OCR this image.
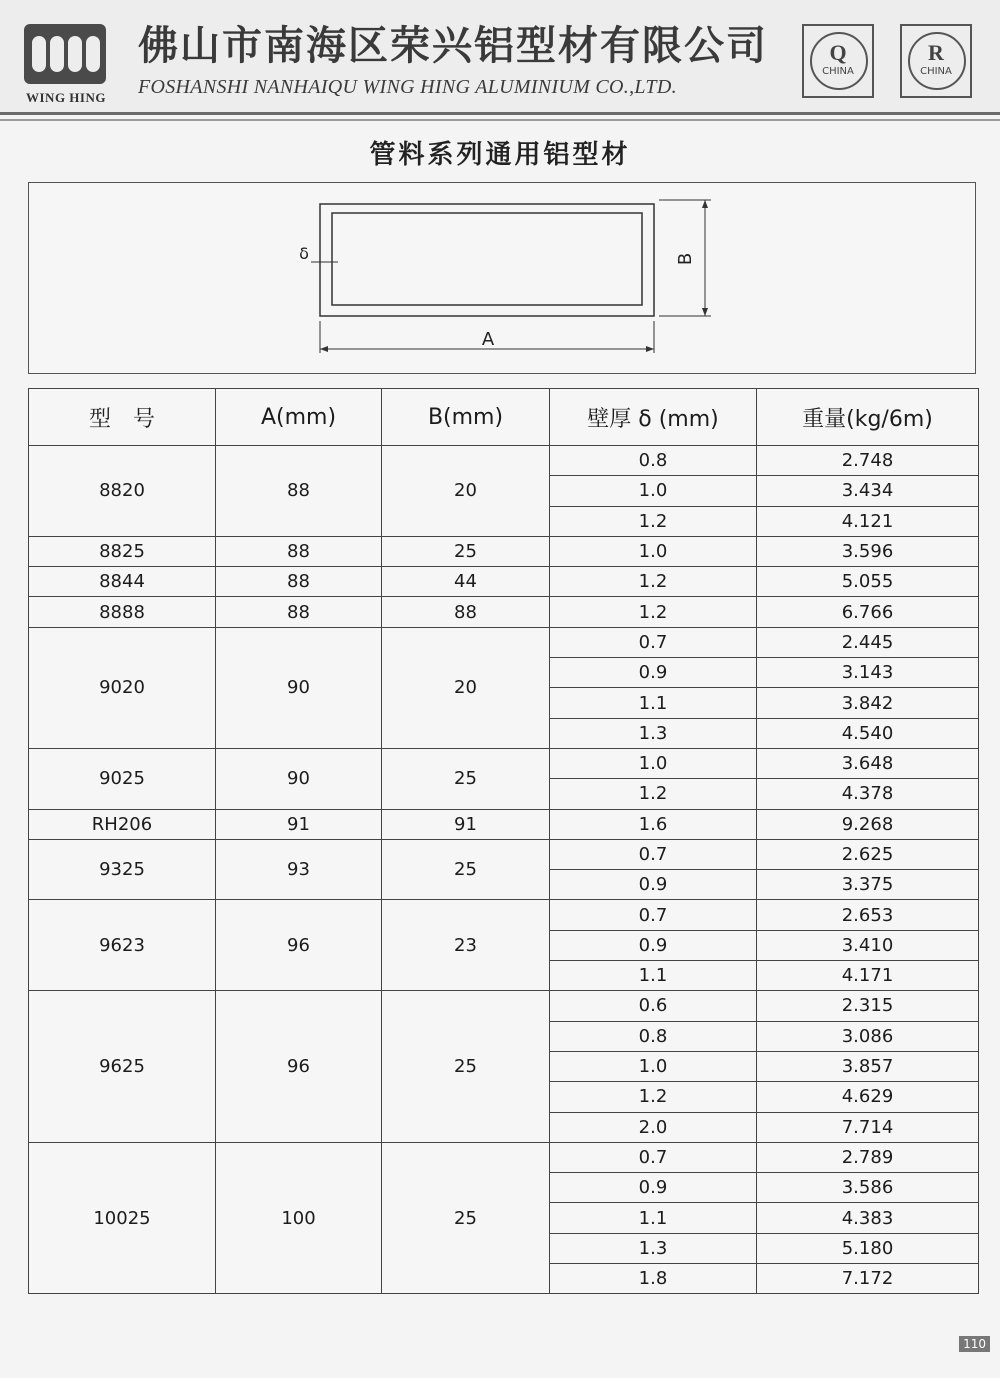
WING HING
佛山市南海区荣兴铝型材有限公司
FOSHANSHI NANHAIQU WING HING ALUMINIUM CO.,LTD.
Q
CHINA
R
CHINA
管料系列通用铝型材
A
B
δ
型　号	A(mm)	B(mm)	壁厚 δ (mm)	重量(kg/6m)
8820	88	20	0.8	2.748
			1.0	3.434
			1.2	4.121
8825	88	25	1.0	3.596
8844	88	44	1.2	5.055
8888	88	88	1.2	6.766
9020	90	20	0.7	2.445
			0.9	3.143
			1.1	3.842
			1.3	4.540
9025	90	25	1.0	3.648
			1.2	4.378
RH206	91	91	1.6	9.268
9325	93	25	0.7	2.625
			0.9	3.375
9623	96	23	0.7	2.653
			0.9	3.410
			1.1	4.171
9625	96	25	0.6	2.315
			0.8	3.086
			1.0	3.857
			1.2	4.629
			2.0	7.714
10025	100	25	0.7	2.789
			0.9	3.586
			1.1	4.383
			1.3	5.180
			1.8	7.172
110
